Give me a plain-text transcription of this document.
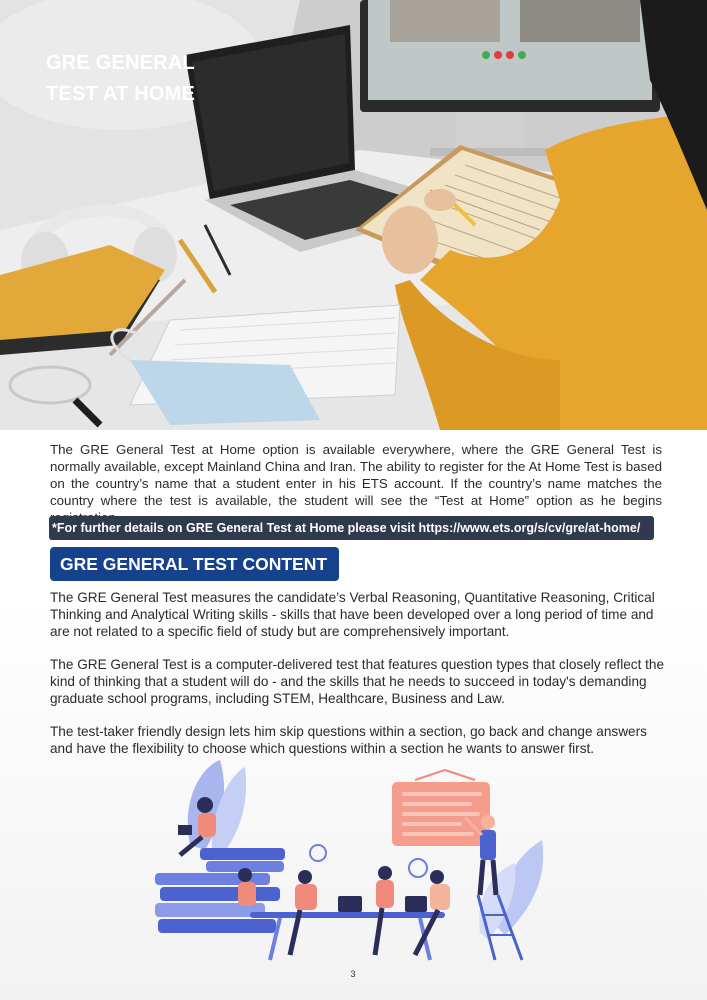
GRE GENERAL
TEST AT HOME

The GRE General Test at Home option is available everywhere, where the GRE General Test is normally available, except Mainland China and Iran. The ability to register for the At Home Test is based on the country’s name that a student enter in his ETS account. If the country’s name matches the country where the test is available, the student will see the “Test at Home” option as he begins

*For further details on GRE General Test at Home please visit https://www.ets.org/s/cv/gre/at-home/
GRE GENERAL TEST CONTENT

The GRE General Test measures the candidate’s Verbal Reasoning, Quantitative Reasoning, Critical Thinking and Analytical Writing skills - skills that have been developed over a long period of time and are not related to a specific field of study but are comprehensively important.

The GRE General Test is a computer-delivered test that features question types that closely reflect the kind of thinking that a student will do - and the skills that he needs to succeed in today's demanding graduate school programs, including STEM, Healthcare, Business and Law.

The test-taker friendly design lets him skip questions within a section, go back and change answers and have the flexibility to choose which questions within a section he wants to answer first.

3
